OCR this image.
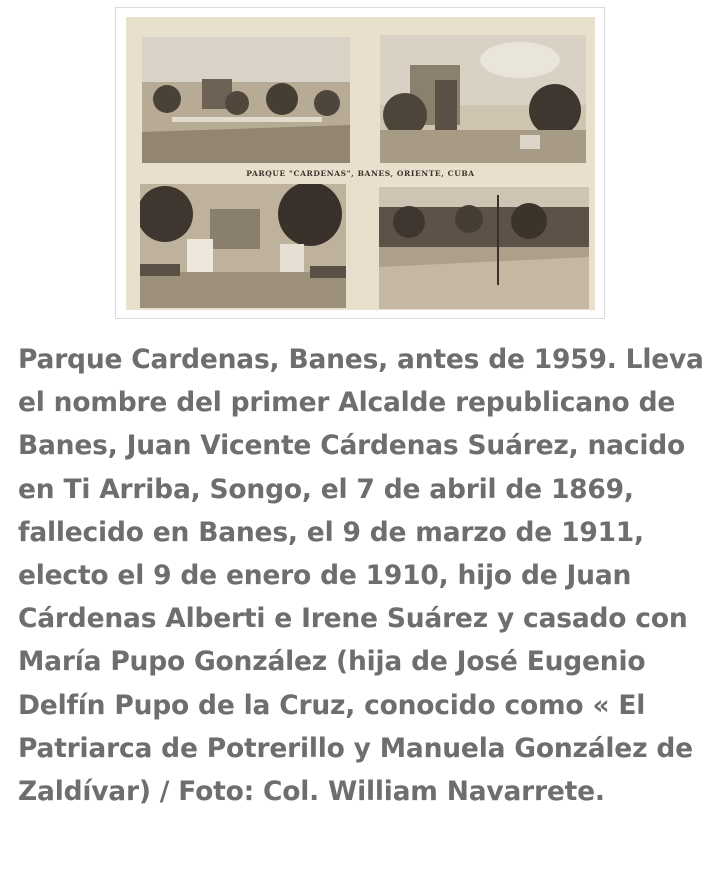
PARQUE "CARDENAS", BANES, ORIENTE, CUBA

Parque Cardenas, Banes, antes de 1959. Lleva el nombre del primer Alcalde republicano de Banes, Juan Vicente Cárdenas Suárez, nacido en Ti Arriba, Songo, el 7 de abril de 1869, fallecido en Banes, el 9 de marzo de 1911, electo el 9 de enero de 1910, hijo de Juan Cárdenas Alberti e Irene Suárez y casado con María Pupo González (hija de José Eugenio Delfín Pupo de la Cruz, conocido como « El Patriarca de Potrerillo y Manuela González de Zaldívar) / Foto: Col. William Navarrete.
